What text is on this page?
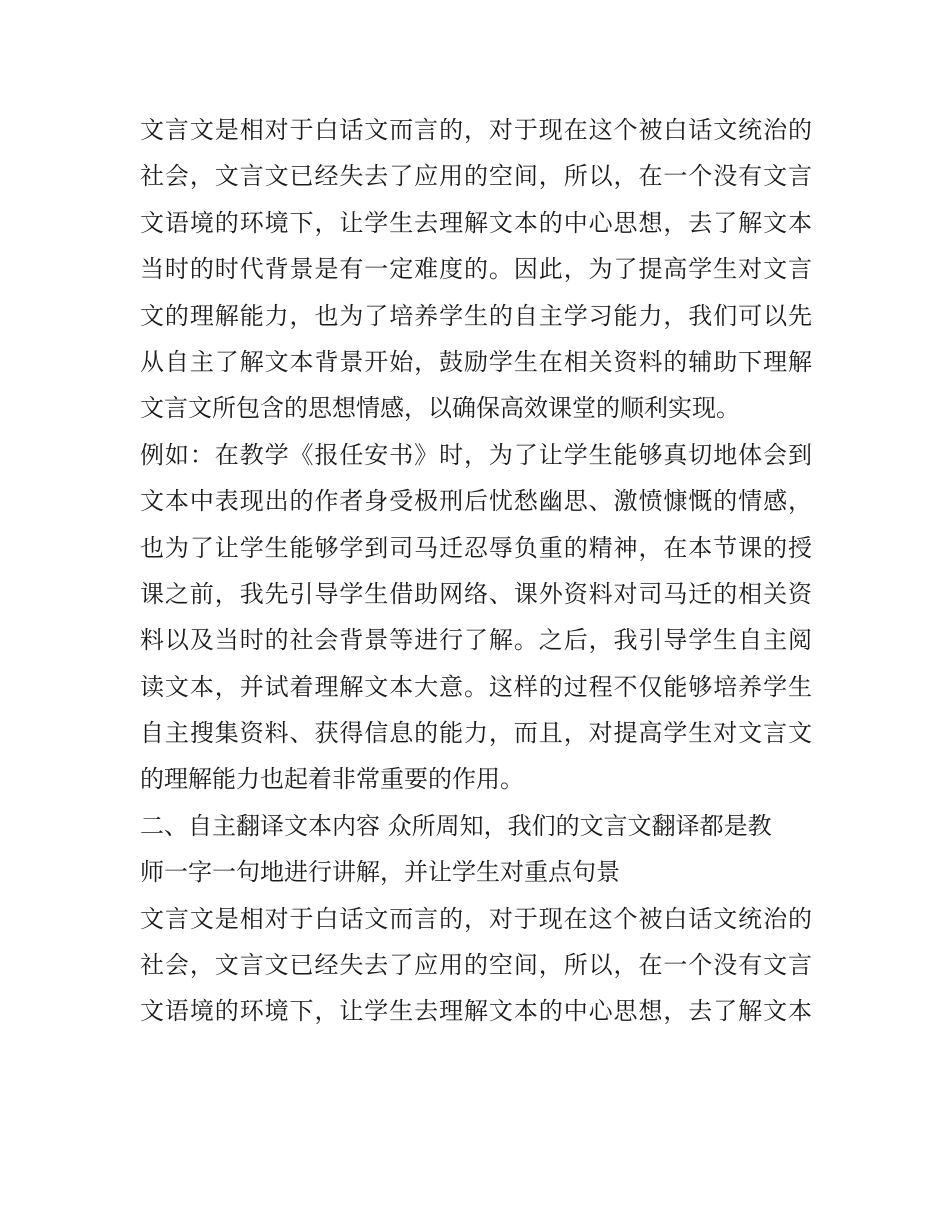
文言文是相对于白话文而言的，对于现在这个被白话文统治的
社会，文言文已经失去了应用的空间，所以，在一个没有文言
文语境的环境下，让学生去理解文本的中心思想，去了解文本
当时的时代背景是有一定难度的。因此，为了提高学生对文言
文的理解能力，也为了培养学生的自主学习能力，我们可以先
从自主了解文本背景开始，鼓励学生在相关资料的辅助下理解
文言文所包含的思想情感，以确保高效课堂的顺利实现。
例如：在教学《报任安书》时，为了让学生能够真切地体会到
文本中表现出的作者身受极刑后忧愁幽思、激愤慷慨的情感，
也为了让学生能够学到司马迁忍辱负重的精神，在本节课的授
课之前，我先引导学生借助网络、课外资料对司马迁的相关资
料以及当时的社会背景等进行了解。之后，我引导学生自主阅
读文本，并试着理解文本大意。这样的过程不仅能够培养学生
自主搜集资料、获得信息的能力，而且，对提高学生对文言文
的理解能力也起着非常重要的作用。
二、自主翻译文本内容 众所周知，我们的文言文翻译都是教
师一字一句地进行讲解，并让学生对重点句景
文言文是相对于白话文而言的，对于现在这个被白话文统治的
社会，文言文已经失去了应用的空间，所以，在一个没有文言
文语境的环境下，让学生去理解文本的中心思想，去了解文本
